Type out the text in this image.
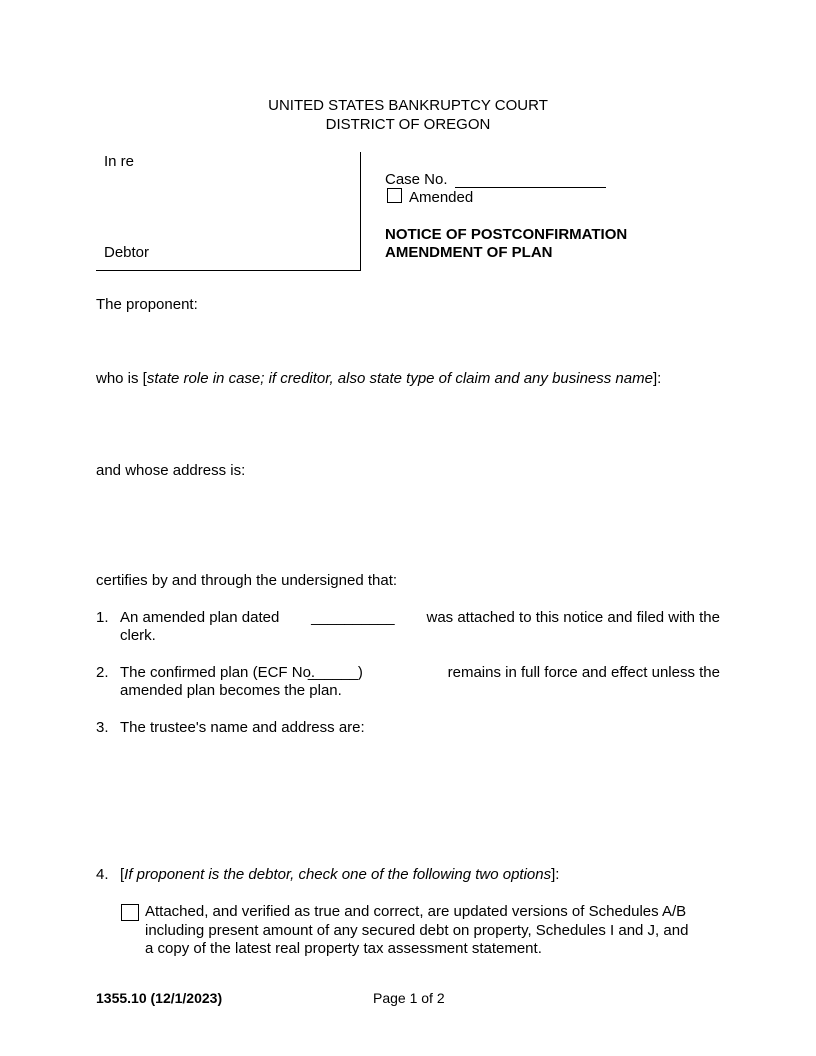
UNITED STATES BANKRUPTCY COURT
DISTRICT OF OREGON
In re
Debtor
Case No.
Amended
NOTICE OF POSTCONFIRMATION
AMENDMENT OF PLAN
The proponent:
who is [state role in case; if creditor, also state type of claim and any business name]:
and whose address is:
certifies by and through the undersigned that:
1. An amended plan dated __________ was attached to this notice and filed with the
clerk.
2. The confirmed plan (ECF No.
______)	remains in full force and effect unless the
amended plan becomes the plan.
3. The trustee's name and address are:
4. [If proponent is the debtor, check one of the following two options]:
Attached, and verified as true and correct, are updated versions of Schedules A/B
including present amount of any secured debt on property, Schedules I and J, and
a copy of the latest real property tax assessment statement.
1355.10 (12/1/2023)	Page 1 of 2
